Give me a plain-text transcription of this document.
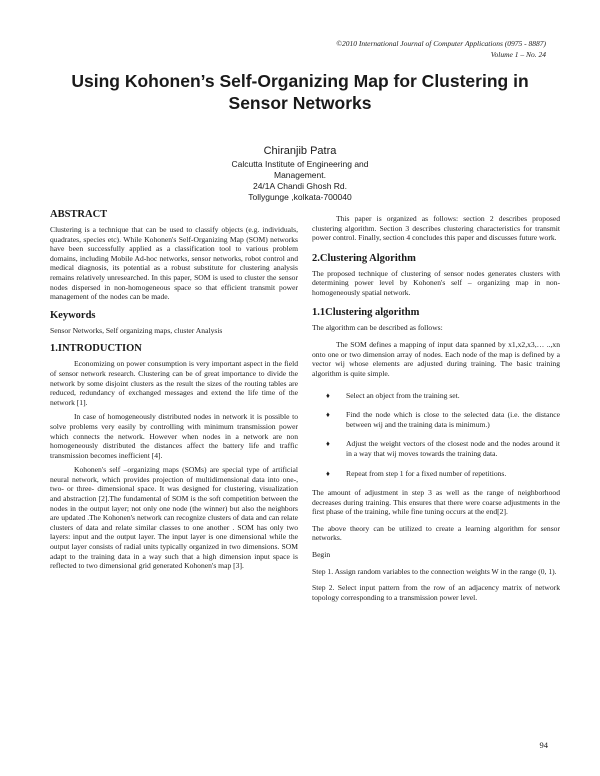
©2010 International Journal of Computer Applications (0975 - 8887)
Volume 1 – No. 24
Using Kohonen’s Self-Organizing Map for Clustering in Sensor Networks
Chiranjib Patra
Calcutta Institute of Engineering and
Management.
24/1A Chandi Ghosh Rd.
Tollygunge ,kolkata-700040
ABSTRACT

Clustering is a technique that can be used to classify objects (e.g. individuals, quadrates, species etc). While Kohonen's Self-Organizing Map (SOM) networks have been successfully applied as a classification tool to various problem domains, including Mobile Ad-hoc networks, sensor networks, robot control and medical diagnosis, its potential as a robust substitute for clustering analysis remains relatively unresearched. In this paper, SOM is used to cluster the sensor nodes dispersed in non-homogeneous space so that efficient transmit power management of the nodes can be made.

Keywords

Sensor Networks, Self organizing maps, cluster Analysis

1.INTRODUCTION

Economizing on power consumption is very important aspect in the field of sensor network research. Clustering can be of great importance to divide the network by some disjoint clusters as the result the sizes of the routing tables are reduced, redundancy of exchanged messages and extend the life time of the network [1].

In case of homogeneously distributed nodes in network it is possible to solve problems very easily by controlling with minimum transmission power which connects the network. However when nodes in a network are non homogeneously distributed the distances affect the battery life and traffic transmission becomes inefficient [4].

Kohonen's self –organizing maps (SOMs) are special type of artificial neural network, which provides projection of multidimensional data into one-, two- or three- dimensional space. It was designed for clustering, visualization and abstraction [2].The fundamental of SOM is the soft competition between the nodes in the output layer; not only one node (the winner) but also the neighbors are updated .The Kohonen's network can recognize clusters of data and can relate clusters of data and relate similar classes to one another . SOM has only two layers: input and the output layer. The input layer is one dimensional while the output layer consists of radial units typically organized in two dimensions. SOM adapt to the training data in a way such that a high dimension input space is reflected to two dimensional grid generated Kohonen's map [3].

This paper is organized as follows: section 2 describes proposed clustering algorithm. Section 3 describes clustering characteristics for transmit power control. Finally, section 4 concludes this paper and discusses future work.

2.Clustering Algorithm

The proposed technique of clustering of sensor nodes generates clusters with determining power level by Kohonen's self – organizing map in non-homogeneously spatial network.

1.1Clustering algorithm

The algorithm can be described as follows:

The SOM defines a mapping of input data spanned by x1,x2,x3,… ..,xn onto one or two dimension array of nodes. Each node of the map is defined by a vector wij whose elements are adjusted during training. The basic training algorithm is quite simple.

♦ Select an object from the training set.
♦ Find the node which is close to the selected data (i.e. the distance between wij and the training data is minimum.)
♦ Adjust the weight vectors of the closest node and the nodes around it in a way that wij moves towards the training data.
♦ Repeat from step 1 for a fixed number of repetitions.

The amount of adjustment in step 3 as well as the range of neighborhood decreases during training. This ensures that there were coarse adjustments in the first phase of the training, while fine tuning occurs at the end[2].

The above theory can be utilized to create a learning algorithm for sensor networks.

Begin

Step 1. Assign random variables to the connection weights W in the range (0, 1).

Step 2. Select input pattern from the row of an adjacency matrix of network topology corresponding to a transmission power level.

94
